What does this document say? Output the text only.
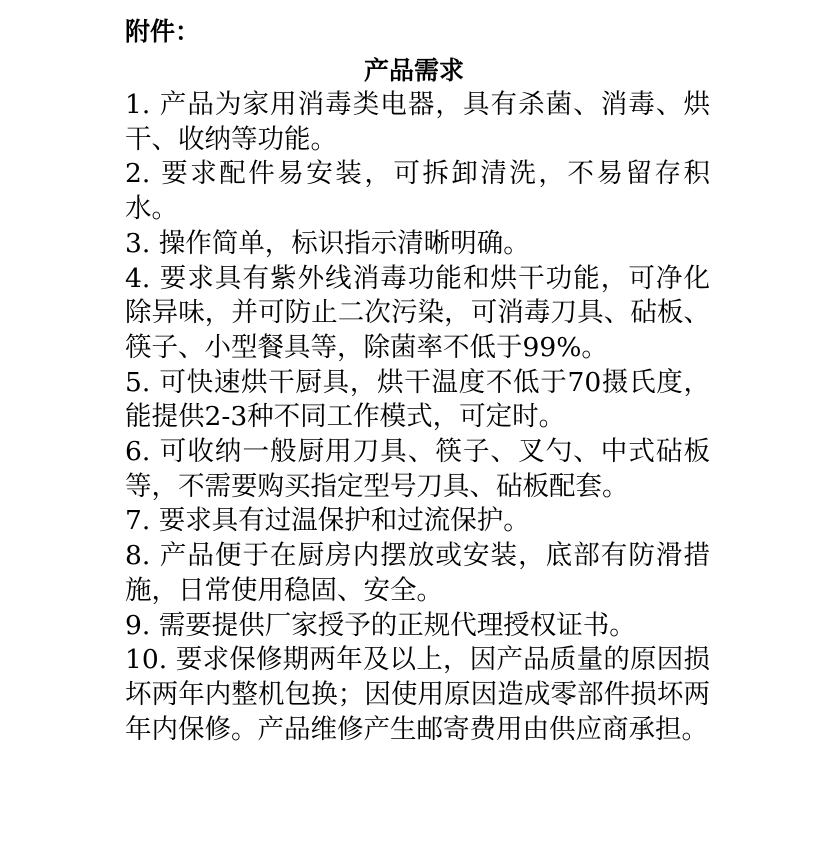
附件：
产品需求
1. 产品为家用消毒类电器，具有杀菌、消毒、烘干、收纳等功能。
2. 要求配件易安装，可拆卸清洗，不易留存积水。
3. 操作简单，标识指示清晰明确。
4. 要求具有紫外线消毒功能和烘干功能，可净化除异味，并可防止二次污染，可消毒刀具、砧板、筷子、小型餐具等，除菌率不低于99%。
5. 可快速烘干厨具，烘干温度不低于70摄氏度，能提供2-3种不同工作模式，可定时。
6. 可收纳一般厨用刀具、筷子、叉勺、中式砧板等，不需要购买指定型号刀具、砧板配套。
7. 要求具有过温保护和过流保护。
8. 产品便于在厨房内摆放或安装，底部有防滑措施，日常使用稳固、安全。
9. 需要提供厂家授予的正规代理授权证书。
10. 要求保修期两年及以上，因产品质量的原因损坏两年内整机包换；因使用原因造成零部件损坏两年内保修。产品维修产生邮寄费用由供应商承担。
